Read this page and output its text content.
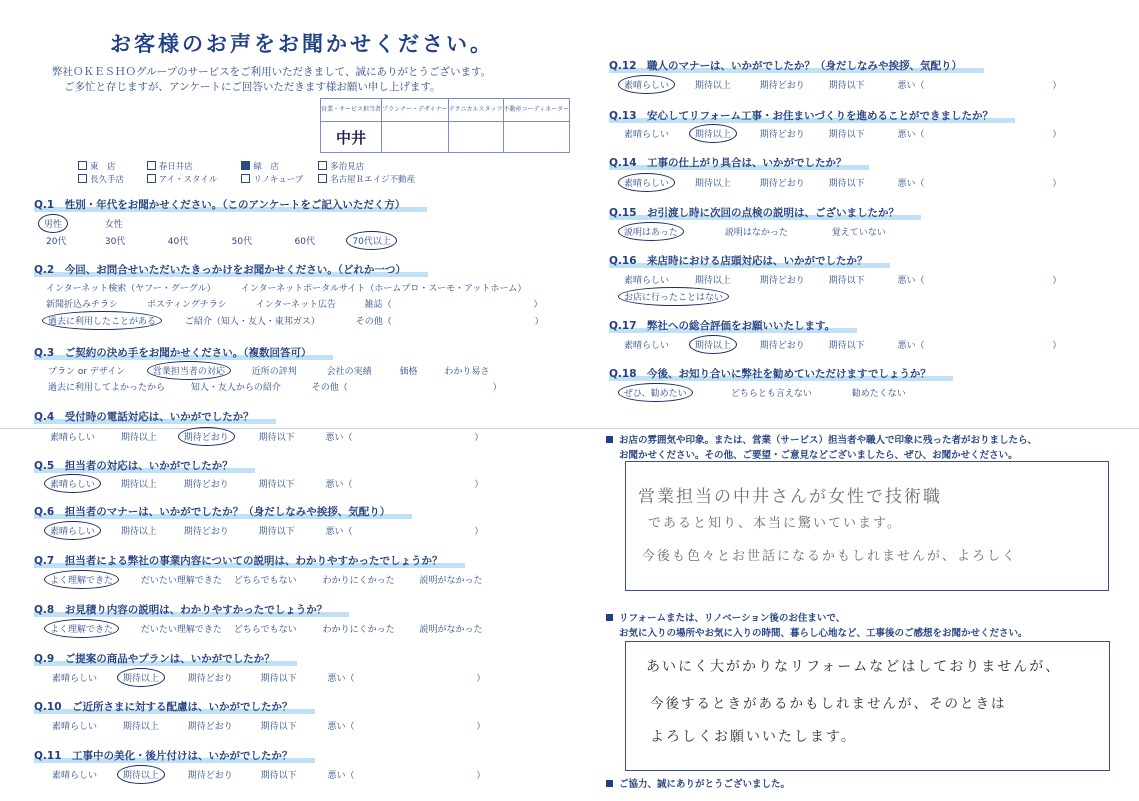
お客様のお声をお聞かせください。
弊社ＯＫＥＳＨＯグループのサービスをご利用いただきまして、誠にありがとうございます。
ご多忙と存じますが、アンケートにご回答いただきます様お願い申し上げます。
営業・サービス担当者	プランナー・デザイナー	テクニカルスタッフ	不動産コーディネーター
中井			
東　店	春日井店	緑　店	多治見店
長久手店	アイ・スタイル	リノキューブ	名古屋Ｒエイジ不動産
Q.1　性別・年代をお聞かせください。（このアンケートをご記入いただく方）
男性	女性
20代	30代	40代	50代	60代	70代以上
Q.2　今回、お問合せいただいたきっかけをお聞かせください。（どれか一つ）
インターネット検索（ヤフー・グーグル）	インターネットポータルサイト（ホームプロ・スーモ・アットホーム）
新聞折込みチラシ	ポスティングチラシ	インターネット広告	雑誌（	）
過去に利用したことがある	ご紹介（知人・友人・東邦ガス）	その他（	）
Q.3　ご契約の決め手をお聞かせください。（複数回答可）
プラン or デザイン	営業担当者の対応	近所の評判	会社の実績	価格	わかり易さ
過去に利用してよかったから	知人・友人からの紹介	その他（	）
Q.4　受付時の電話対応は、いかがでしたか？
素晴らしい	期待以上	期待どおり	期待以下	悪い（	）
Q.5　担当者の対応は、いかがでしたか？
素晴らしい	期待以上	期待どおり	期待以下	悪い（	）
Q.6　担当者のマナーは、いかがでしたか？（身だしなみや挨拶、気配り）
素晴らしい	期待以上	期待どおり	期待以下	悪い（	）
Q.7　担当者による弊社の事業内容についての説明は、わかりやすかったでしょうか？
よく理解できた	だいたい理解できた どちらでもない	わかりにくかった	説明がなかった
Q.8　お見積り内容の説明は、わかりやすかったでしょうか？
よく理解できた	だいたい理解できた どちらでもない	わかりにくかった	説明がなかった
Q.9　ご提案の商品やプランは、いかがでしたか？
素晴らしい	期待以上	期待どおり	期待以下	悪い（	）
Q.10　ご近所さまに対する配慮は、いかがでしたか？
素晴らしい	期待以上	期待どおり	期待以下	悪い（	）
Q.11　工事中の美化・後片付けは、いかがでしたか？
素晴らしい	期待以上	期待どおり	期待以下	悪い（	）
Q.12　職人のマナーは、いかがでしたか？（身だしなみや挨拶、気配り）
素晴らしい	期待以上	期待どおり	期待以下	悪い（	）
Q.13　安心してリフォーム工事・お住まいづくりを進めることができましたか？
素晴らしい	期待以上	期待どおり	期待以下	悪い（	）
Q.14　工事の仕上がり具合は、いかがでしたか？
素晴らしい	期待以上	期待どおり	期待以下	悪い（	）
Q.15　お引渡し時に次回の点検の説明は、ございましたか？
説明はあった	説明はなかった	覚えていない
Q.16　来店時における店頭対応は、いかがでしたか？
素晴らしい	期待以上	期待どおり	期待以下	悪い（	）
お店に行ったことはない
Q.17　弊社への総合評価をお願いいたします。
素晴らしい	期待以上	期待どおり	期待以下	悪い（	）
Q.18　今後、お知り合いに弊社を勧めていただけますでしょうか？
ぜひ、勧めたい	どちらとも言えない	勧めたくない
お店の雰囲気や印象。または、営業（サービス）担当者や職人で印象に残った者がおりましたら、
お聞かせください。その他、ご要望・ご意見などございましたら、ぜひ、お聞かせください。
営業担当の中井さんが女性で技術職
であると知り、本当に驚いています。
今後も色々とお世話になるかもしれませんが、よろしく
リフォームまたは、リノベーション後のお住まいで、
お気に入りの場所やお気に入りの時間、暮らし心地など、工事後のご感想をお聞かせください。
あいにく大がかりなリフォームなどはしておりませんが、
今後するときがあるかもしれませんが、そのときは
よろしくお願いいたします。
ご協力、誠にありがとうございました。
